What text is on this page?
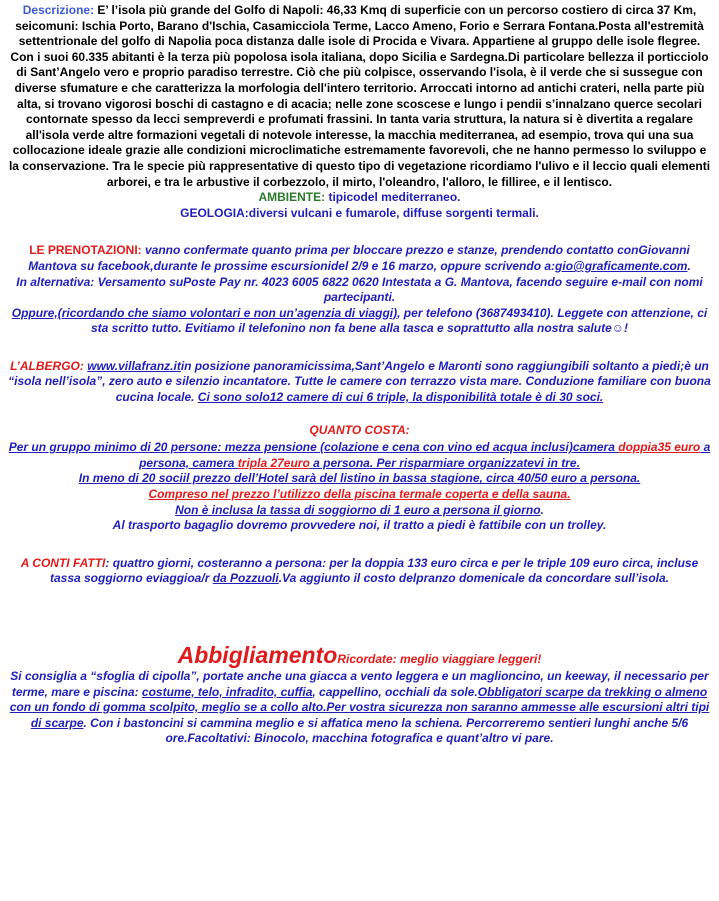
Descrizione: E’ l’isola più grande del Golfo di Napoli: 46,33 Kmq di superficie con un percorso costiero di circa 37 Km, seicomuni: Ischia Porto, Barano d'Ischia, Casamicciola Terme, Lacco Ameno, Forio e Serrara Fontana.Posta all'estremità settentrionale del golfo di Napolia poca distanza dalle isole di Procida e Vivara. Appartiene al gruppo delle isole flegree. Con i suoi 60.335 abitanti è la terza più popolosa isola italiana, dopo Sicilia e Sardegna.Di particolare bellezza il porticciolo di Sant’Angelo vero e proprio paradiso terrestre. Ciò che più colpisce, osservando l'isola, è il verde che si sussegue con diverse sfumature e che caratterizza la morfologia dell'intero territorio. Arroccati intorno ad antichi crateri, nella parte più alta, si trovano vigorosi boschi di castagno e di acacia; nelle zone scoscese e lungo i pendii s’innalzano querce secolari contornate spesso da lecci sempreverdi e profumati frassini. In tanta varia struttura, la natura si è divertita a regalare all'isola verde altre formazioni vegetali di notevole interesse, la macchia mediterranea, ad esempio, trova qui una sua collocazione ideale grazie alle condizioni microclimatiche estremamente favorevoli, che ne hanno permesso lo sviluppo e la conservazione. Tra le specie più rappresentative di questo tipo di vegetazione ricordiamo l'ulivo e il leccio quali elementi arborei, e tra le arbustive il corbezzolo, il mirto, l'oleandro, l'alloro, le filliree, e il lentisco.

AMBIENTE: tipicodel mediterraneo.

GEOLOGIA:diversi vulcani e fumarole, diffuse sorgenti termali.

LE PRENOTAZIONI: vanno confermate quanto prima per bloccare prezzo e stanze, prendendo contatto conGiovanni Mantova su facebook,durante le prossime escursionidel 2/9 e 16 marzo, oppure scrivendo a:gio@graficamente.com.

In alternativa: Versamento suPoste Pay nr. 4023 6005 6822 0620 Intestata a G. Mantova, facendo seguire e-mail con nomi partecipanti.

Oppure,(ricordando che siamo volontari e non un’agenzia di viaggi), per telefono (3687493410). Leggete con attenzione, ci sta scritto tutto. Evitiamo il telefonino non fa bene alla tasca e soprattutto alla nostra salute☺!

L’ALBERGO: www.villafranz.itin posizione panoramicissima,Sant’Angelo e Maronti sono raggiungibili soltanto a piedi;è un “isola nell’isola”, zero auto e silenzio incantatore. Tutte le camere con terrazzo vista mare. Conduzione familiare con buona cucina locale. Ci sono solo12 camere di cui 6 triple, la disponibilità totale è di 30 soci.

QUANTO COSTA:

Per un gruppo minimo di 20 persone: mezza pensione (colazione e cena con vino ed acqua inclusi)camera doppia35 euro a persona, camera tripla 27euro a persona. Per risparmiare organizzatevi in tre.

In meno di 20 sociil prezzo dell’Hotel sarà del listino in bassa stagione, circa 40/50 euro a persona.

Compreso nel prezzo l’utilizzo della piscina termale coperta e della sauna.

Non è inclusa la tassa di soggiorno di 1 euro a persona il giorno.

Al trasporto bagaglio dovremo provvedere noi, il tratto a piedi è fattibile con un trolley.

A CONTI FATTI: quattro giorni, costeranno a persona: per la doppia 133 euro circa e per le triple 109 euro circa, incluse tassa soggiorno eviaggioa/r da Pozzuoli.Va aggiunto il costo delpranzo domenicale da concordare sull’isola.

AbbigliamentoRicordate: meglio viaggiare leggeri!

Si consiglia a “sfoglia di cipolla”, portate anche una giacca a vento leggera e un maglioncino, un keeway, il necessario per terme, mare e piscina: costume, telo, infradito, cuffia, cappellino, occhiali da sole.Obbligatori scarpe da trekking o almeno con un fondo di gomma scolpito, meglio se a collo alto.Per vostra sicurezza non saranno ammesse alle escursioni altri tipi di scarpe. Con i bastoncini si cammina meglio e si affatica meno la schiena. Percorreremo sentieri lunghi anche 5/6 ore.Facoltativi: Binocolo, macchina fotografica e quant’altro vi pare.
